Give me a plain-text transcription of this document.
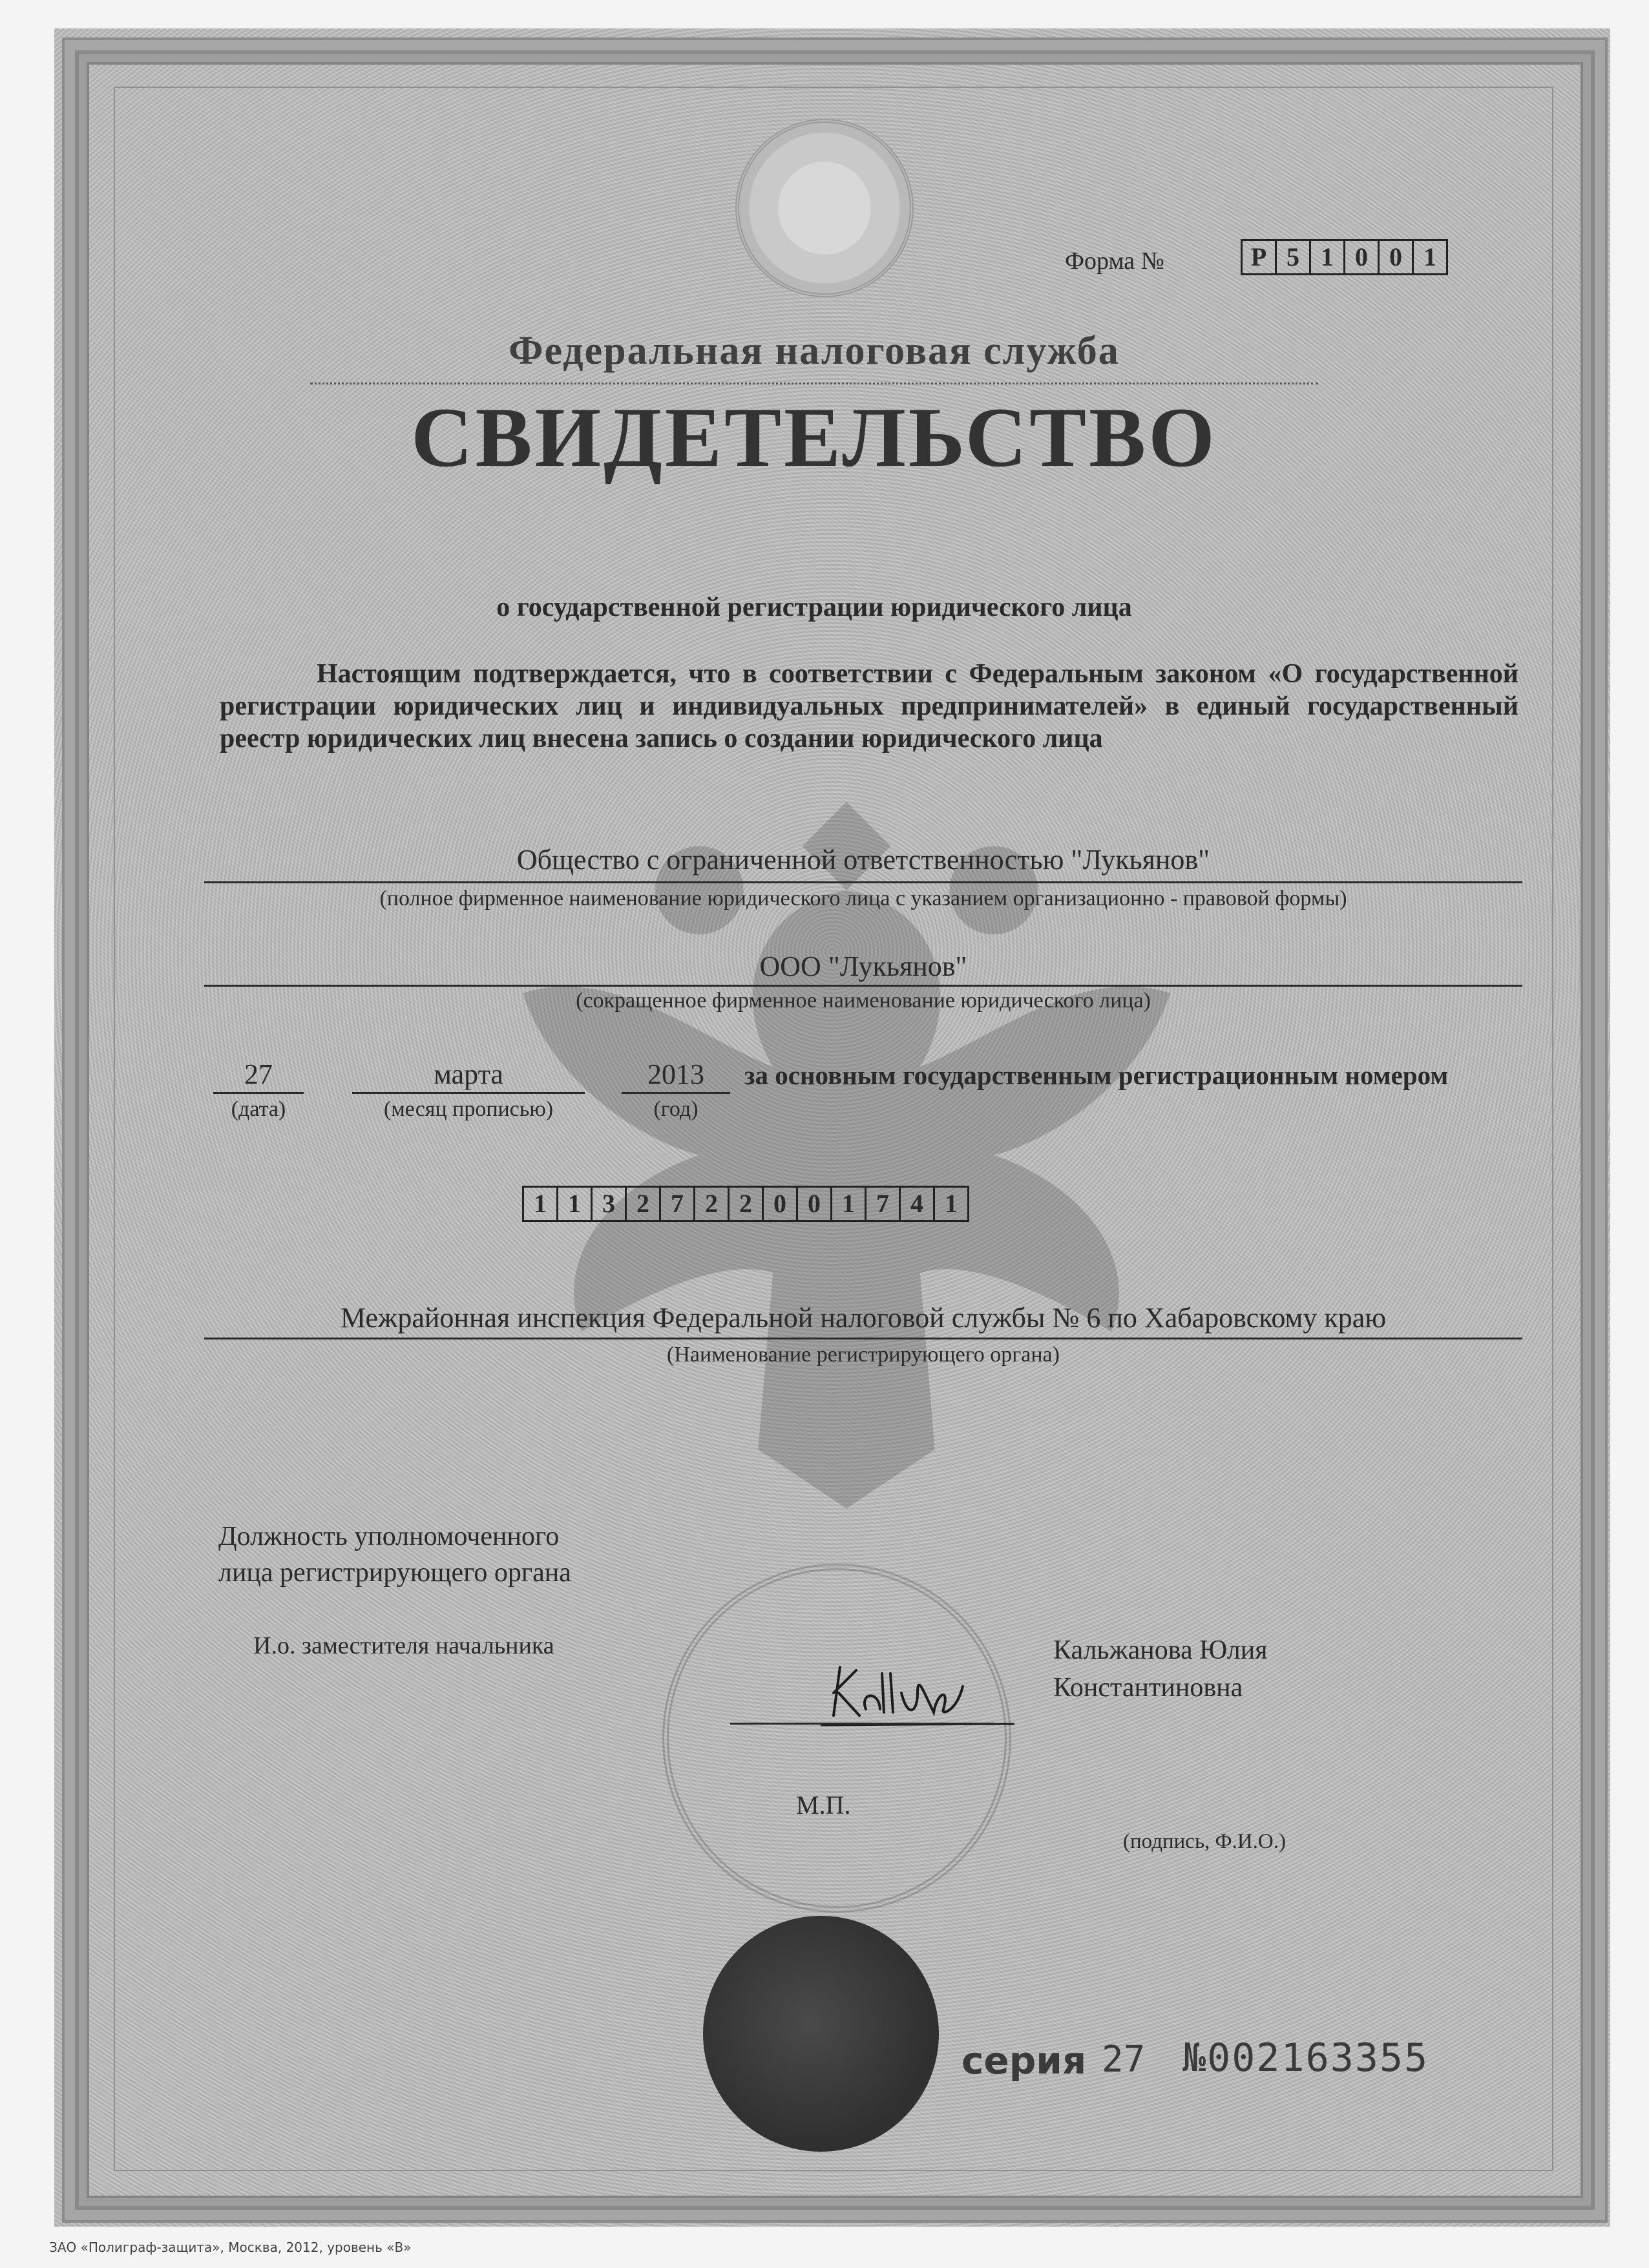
Форма №	Р 5 1 0 0 1
Федеральная налоговая служба
СВИДЕТЕЛЬСТВО
о государственной регистрации юридического лица
Настоящим подтверждается, что в соответствии с Федеральным законом «О государственной регистрации юридических лиц и индивидуальных предпринимателей» в единый государственный реестр юридических лиц внесена запись о создании юридического лица
Общество с ограниченной ответственностью "Лукьянов"
(полное фирменное наименование юридического лица с указанием организационно - правовой формы)
ООО "Лукьянов"
(сокращенное фирменное наименование юридического лица)
27
(дата)
марта
(месяц прописью)
2013
(год)
за основным государственным регистрационным номером
1 1 3 2 7 2 2 0 0 1 7 4 1
Межрайонная инспекция Федеральной налоговой службы № 6 по Хабаровскому краю
(Наименование регистрирующего органа)
Должность уполномоченного
лица регистрирующего органа
И.о. заместителя начальника	Кальжанова Юлия
Константиновна
М.П.
(подпись, Ф.И.О.)
серия 27 №002163355
ЗАО «Полиграф-защита», Москва, 2012, уровень «В»
